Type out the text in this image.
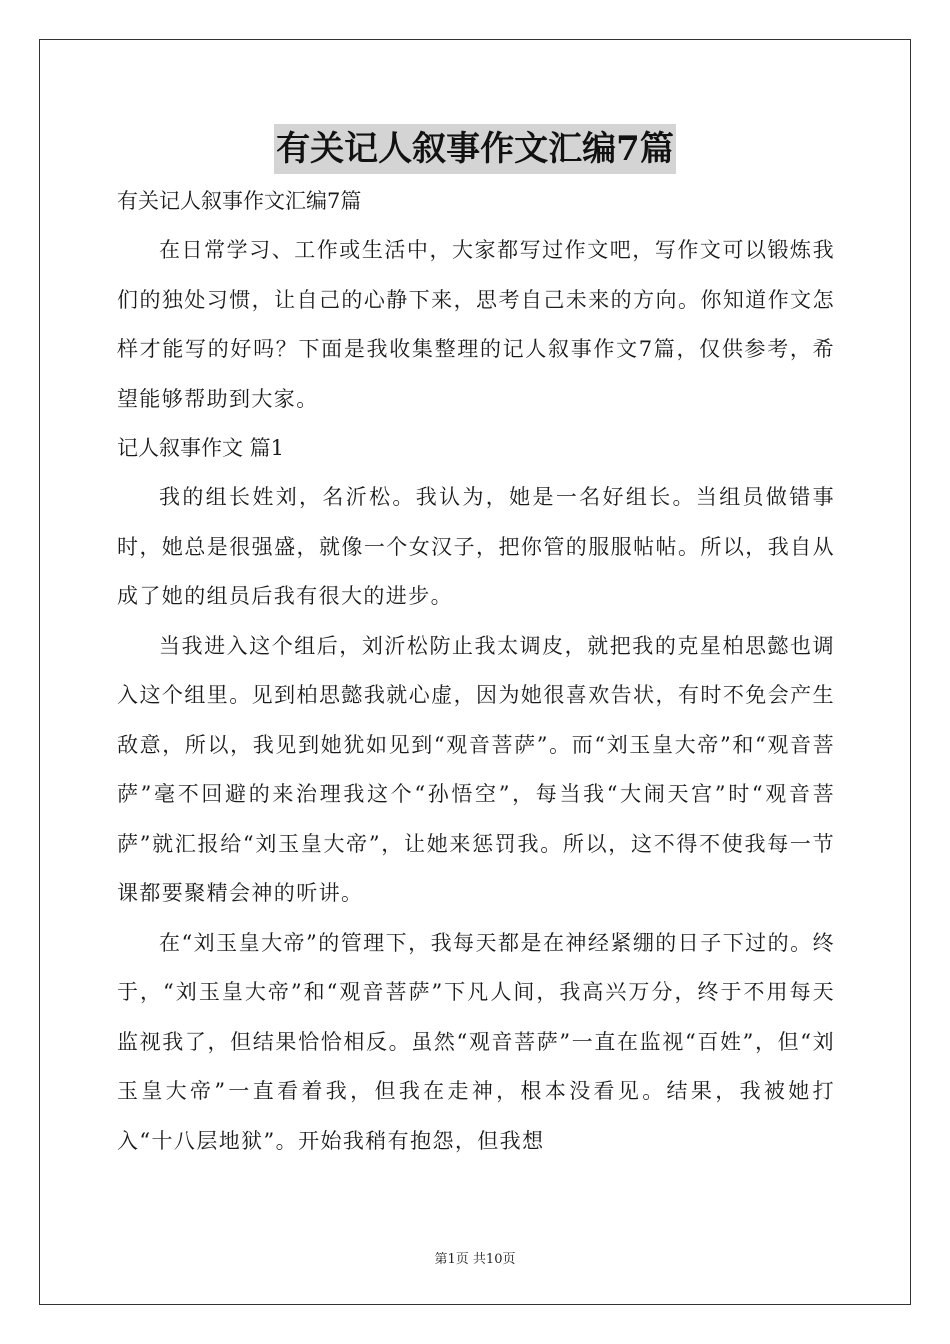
有关记人叙事作文汇编7篇
有关记人叙事作文汇编7篇

在日常学习、工作或生活中，大家都写过作文吧，写作文可以锻炼我们的独处习惯，让自己的心静下来，思考自己未来的方向。你知道作文怎样才能写的好吗？下面是我收集整理的记人叙事作文7篇，仅供参考，希望能够帮助到大家。

记人叙事作文 篇1

我的组长姓刘，名沂松。我认为，她是一名好组长。当组员做错事时，她总是很强盛，就像一个女汉子，把你管的服服帖帖。所以，我自从成了她的组员后我有很大的进步。

当我进入这个组后，刘沂松防止我太调皮，就把我的克星柏思懿也调入这个组里。见到柏思懿我就心虚，因为她很喜欢告状，有时不免会产生敌意，所以，我见到她犹如见到“观音菩萨”。而“刘玉皇大帝”和“观音菩萨”毫不回避的来治理我这个“孙悟空”，每当我“大闹天宫”时“观音菩萨”就汇报给“刘玉皇大帝”，让她来惩罚我。所以，这不得不使我每一节课都要聚精会神的听讲。

在“刘玉皇大帝”的管理下，我每天都是在神经紧绷的日子下过的。终于，“刘玉皇大帝”和“观音菩萨”下凡人间，我高兴万分，终于不用每天监视我了，但结果恰恰相反。虽然“观音菩萨”一直在监视“百姓”，但“刘玉皇大帝”一直看着我，但我在走神，根本没看见。结果，我被她打入“十八层地狱”。开始我稍有抱怨，但我想

第1页 共10页
